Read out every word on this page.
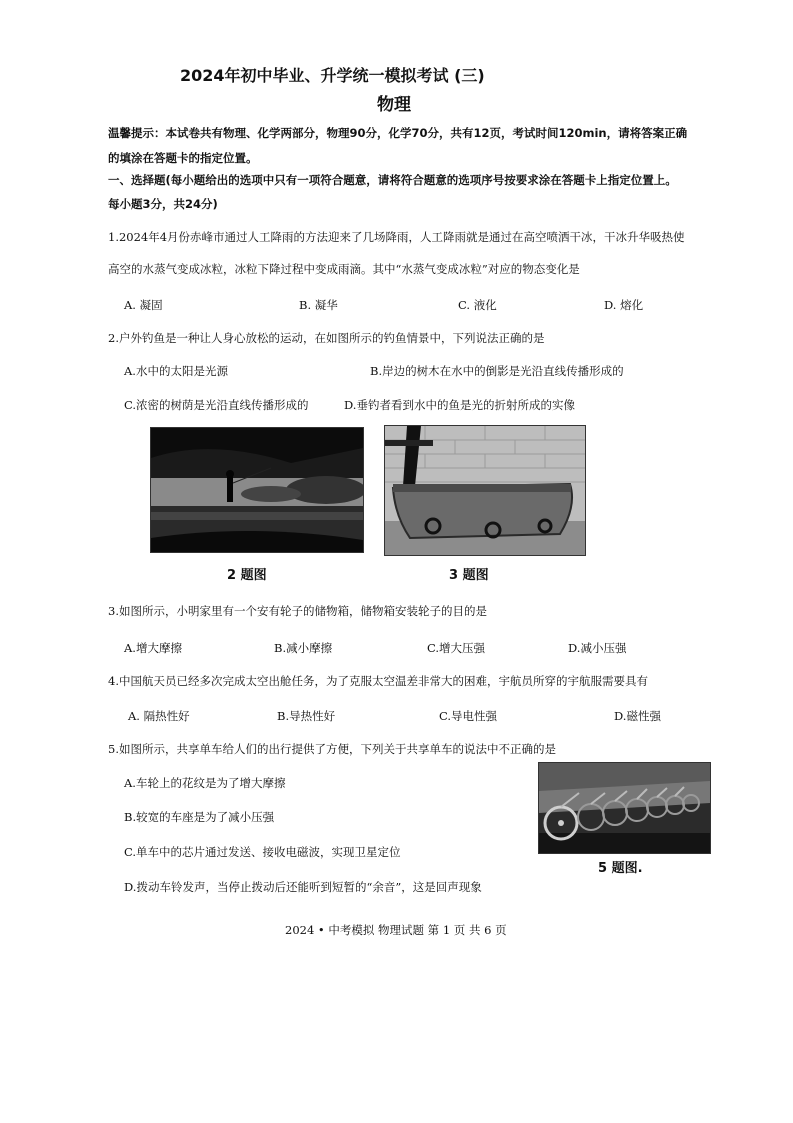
2024年初中毕业、升学统一模拟考试 (三)
物理
温馨提示：本试卷共有物理、化学两部分，物理90分，化学70分，共有12页，考试时间120min，请将答案正确
的填涂在答题卡的指定位置。
一、选择题(每小题给出的选项中只有一项符合题意，请将符合题意的选项序号按要求涂在答题卡上指定位置上。
每小题3分，共24分)
1.2024年4月份赤峰市通过人工降雨的方法迎来了几场降雨，人工降雨就是通过在高空喷洒干冰，干冰升华吸热使
高空的水蒸气变成冰粒，冰粒下降过程中变成雨滴。其中“水蒸气变成冰粒”对应的物态变化是
A. 凝固	B. 凝华	C. 液化	D. 熔化
2.户外钓鱼是一种让人身心放松的运动，在如图所示的钓鱼情景中，下列说法正确的是
A.水中的太阳是光源	B.岸边的树木在水中的倒影是光沿直线传播形成的
C.浓密的树荫是光沿直线传播形成的	D.垂钓者看到水中的鱼是光的折射所成的实像
2 题图	3 题图
3.如图所示，小明家里有一个安有轮子的储物箱，储物箱安装轮子的目的是
A.增大摩擦	B.减小摩擦	C.增大压强	D.减小压强
4.中国航天员已经多次完成太空出舱任务，为了克服太空温差非常大的困难，宇航员所穿的宇航服需要具有
A. 隔热性好	B.导热性好	C.导电性强	D.磁性强
5.如图所示，共享单车给人们的出行提供了方便，下列关于共享单车的说法中不正确的是
A.车轮上的花纹是为了增大摩擦
B.较宽的车座是为了减小压强
C.单车中的芯片通过发送、接收电磁波，实现卫星定位
D.拨动车铃发声，当停止拨动后还能听到短暂的“余音”，这是回声现象
5 题图.
2024 • 中考模拟 物理试题 第 1 页 共 6 页
